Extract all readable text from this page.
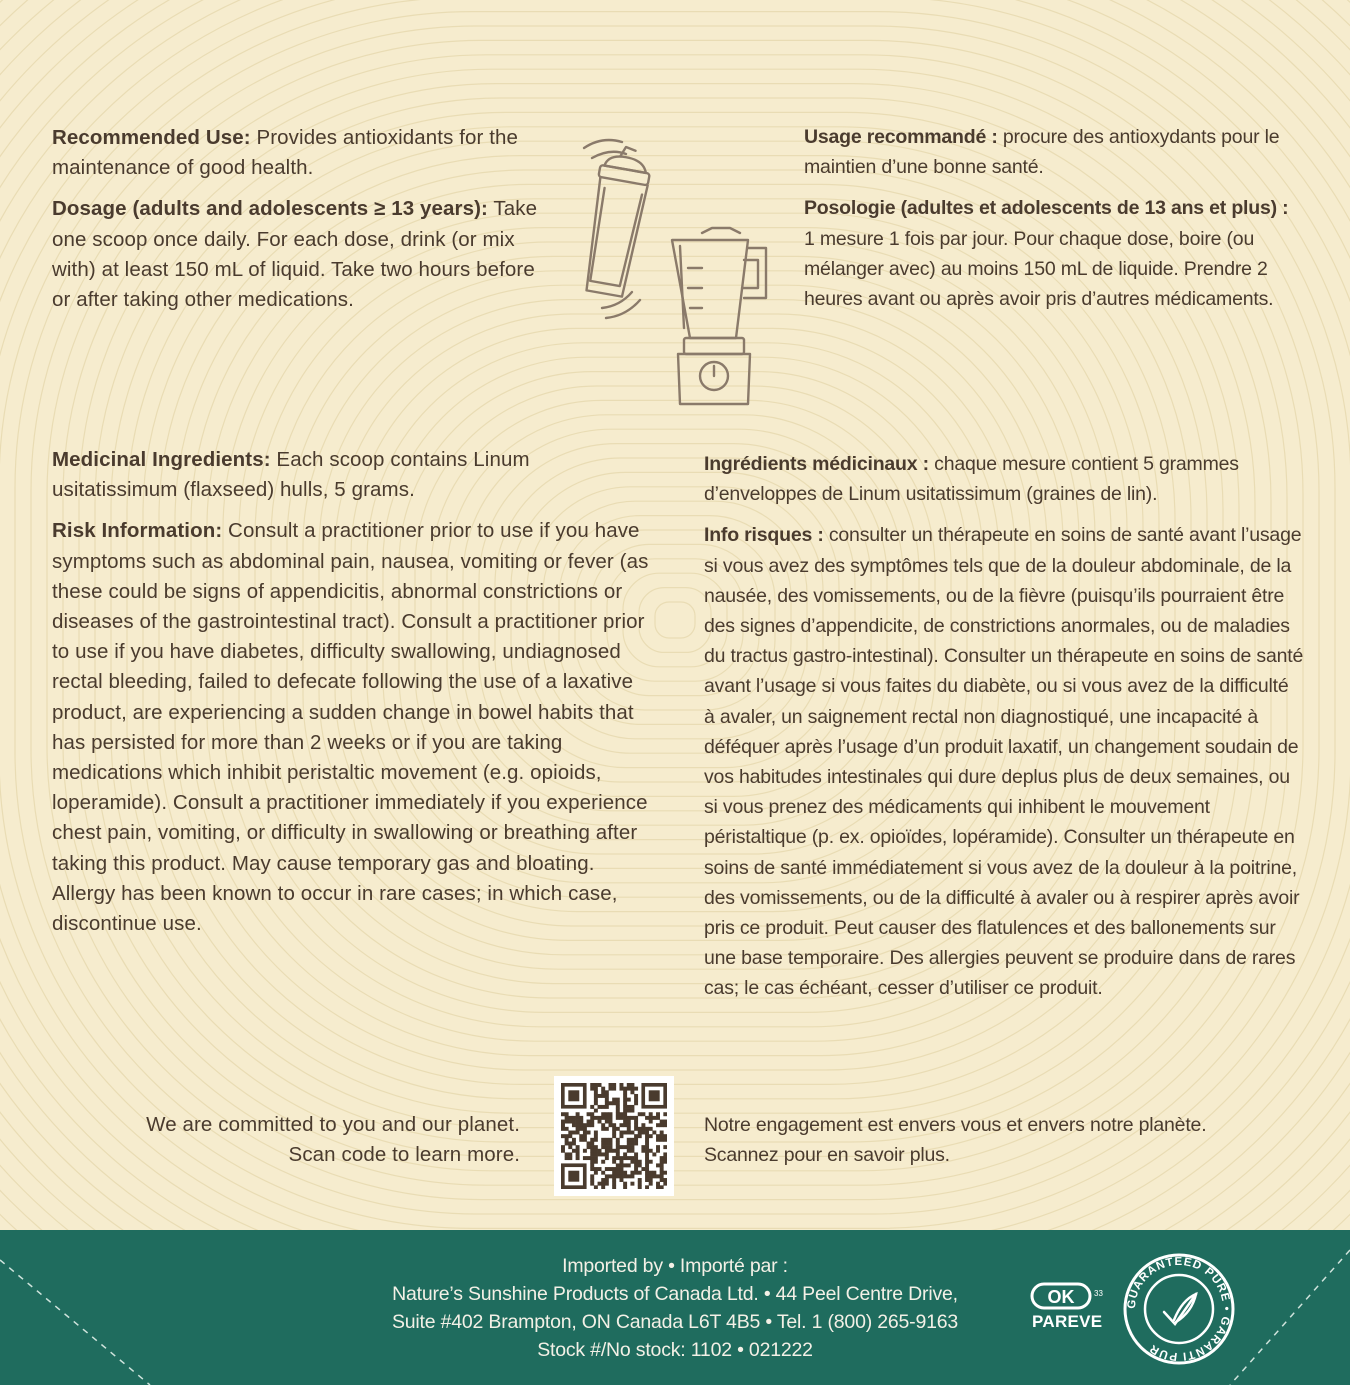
Recommended Use: Provides antioxidants for the maintenance of good health.

Dosage (adults and adolescents ≥ 13 years): Take one scoop once daily. For each dose, drink (or mix with) at least 150 mL of liquid. Take two hours before or after taking other medications.

Usage recommandé : procure des antioxydants pour le maintien d’une bonne santé.

Posologie (adultes et adolescents de 13 ans et plus) : 1 mesure 1 fois par jour. Pour chaque dose, boire (ou mélanger avec) au moins 150 mL de liquide. Prendre 2 heures avant ou après avoir pris d’autres médicaments.

Medicinal Ingredients: Each scoop contains Linum usitatissimum (flaxseed) hulls, 5 grams.

Risk Information: Consult a practitioner prior to use if you have symptoms such as abdominal pain, nausea, vomiting or fever (as these could be signs of appendicitis, abnormal constrictions or diseases of the gastrointestinal tract). Consult a practitioner prior to use if you have diabetes, difficulty swallowing, undiagnosed rectal bleeding, failed to defecate following the use of a laxative product, are experiencing a sudden change in bowel habits that has persisted for more than 2 weeks or if you are taking medications which inhibit peristaltic movement (e.g. opioids, loperamide). Consult a practitioner immediately if you experience chest pain, vomiting, or difficulty in swallowing or breathing after taking this product. May cause temporary gas and bloating. Allergy has been known to occur in rare cases; in which case, discontinue use.

Ingrédients médicinaux : chaque mesure contient 5 grammes d’enveloppes de Linum usitatissimum (graines de lin).

Info risques : consulter un thérapeute en soins de santé avant l’usage si vous avez des symptômes tels que de la douleur abdominale, de la nausée, des vomissements, ou de la fièvre (puisqu’ils pourraient être des signes d’appendicite, de constrictions anormales, ou de maladies du tractus gastro-intestinal). Consulter un thérapeute en soins de santé avant l’usage si vous faites du diabète, ou si vous avez de la difficulté à avaler, un saignement rectal non diagnostiqué, une incapacité à déféquer après l’usage d’un produit laxatif, un changement soudain de vos habitudes intestinales qui dure deplus plus de deux semaines, ou si vous prenez des médicaments qui inhibent le mouvement péristaltique (p. ex. opioïdes, lopéramide). Consulter un thérapeute en soins de santé immédiatement si vous avez de la douleur à la poitrine, des vomissements, ou de la difficulté à avaler ou à respirer après avoir pris ce produit. Peut causer des flatulences et des ballonements sur une base temporaire. Des allergies peuvent se produire dans de rares cas; le cas échéant, cesser d’utiliser ce produit.

We are committed to you and our planet.
Scan code to learn more.
Notre engagement est envers vous et envers notre planète.
Scannez pour en savoir plus.
Imported by • Importé par :
Nature’s Sunshine Products of Canada Ltd. • 44 Peel Centre Drive,
Suite #402 Brampton, ON Canada L6T 4B5 • Tel. 1 (800) 265-9163
Stock #/No stock: 1102 • 021222
OK 33
PAREVE
GUARANTEED PURE • GARANTI PUR
